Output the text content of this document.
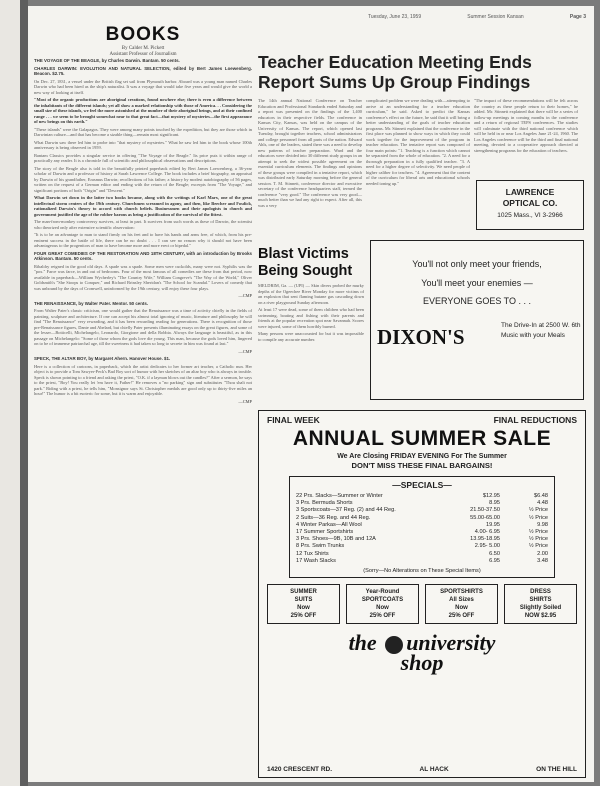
Tuesday, June 23, 1959	Summer Session Kansan	Page 3
BOOKS
By Calder M. Pickett
Assistant Professor of Journalism

THE VOYAGE OF THE BEAGLE, by Charles Darwin. Bantam. 50 cents.

CHARLES DARWIN: EVOLUTION AND NATURAL SELECTION, edited by Bert James Loewenberg. Beacon. $2.75.

On Dec. 27, 1831, a vessel under the British flag set sail from Plymouth harbor. Aboard was a young man named Charles Darwin who had been hired as the ship's naturalist. It was a voyage that would take five years and would give the world a new way of looking at itself.

"Most of the organic productions are aboriginal creations, found nowhere else; there is even a difference between the inhabitants of the different islands; yet all show a marked relationship with those of America. . . Considering the small size of these islands, we feel the more astonished at the number of their aboriginal beings, and at their confined range . . . we seem to be brought somewhat near to that great fact—that mystery of mysteries—the first appearance of new beings on this earth."

"These islands" were the Galapagos. They were among many points touched by the expedition, but they are those which in Darwinian culture—and that has become a sizable thing—remain most significant.

What Darwin saw there led him to probe into "that mystery of mysteries." What he saw led him to the book whose 100th anniversary is being observed in 1959.

Bantam Classics provides a singular service in offering "The Voyage of the Beagle." Its price puts it within range of practically any reader. It is a chronicle full of scientific and philosophical observations and descriptions.

The story of the Beagle also is told in the beautifully printed paperback edited by Bert James Loewenberg, a 36-year scholar of Darwin and a professor of history at Sarah Lawrence College. The book includes a brief biography, an appraisal by Darwin of his grandfather, Erasmus Darwin; recollections of his father; a history by modest autobiography of 56 pages, written on the request of a German editor and ending with the return of the Beagle; excerpts from "The Voyage," and significant portions of both "Origin" and "Descent."

What Darwin set down in the latter two books became, along with the writings of Karl Marx, one of the great intellectual storm centers of the 19th century. Churchmen screamed in agony, and then, like Beecher and Fosdick, rationalized Darwin's theory to accord with church beliefs. Businessmen and their apologists in church and government justified the age of the robber barons as being a justification of the survival of the fittest.

The man-from-monkey controversy survives, at least in part. It survives from such words as these of Darwin, the scientist who theorized only after extensive scientific observation:

"It is to be an advantage to man to stand firmly on his feet and to have his hands and arms free, of which, from his pre-eminent success in the battle of life, there can be no doubt . . . I can see no reason why it should not have been advantageous to the progenitors of man to have become more and more erect or bipedal."

FOUR GREAT COMEDIES OF THE RESTORATION AND 18TH CENTURY, with an introduction by Brooks Atkinson. Bantam. 50 cents.

Ribaldry reigned in the good old days. A spade was a spade. Some men were cuckolds, many were not. Syphilis was the "pox." Farce was farce, in and out of bedrooms. Four of the most famous of all comedies are these from that period, now available in paperback—William Wycherley's "The Country Wife," William Congreve's "The Way of the World," Oliver Goldsmith's "She Stoops to Conquer," and Richard Brinsley Sheridan's "The School for Scandal." Lovers of comedy that was unbound by the days of Cromwell, uninformed by the 19th century, will enjoy these four plays.

—CMP

THE RENAISSANCE, by Walter Pater. Mentor. 50 cents.

From Walter Pater's classic criticism, one would gather that the Renaissance was a time of activity chiefly in the fields of painting, sculpture and architecture. If one can accept his almost total ignoring of music, literature and philosophy he will find "The Renaissance" very rewarding, and it has been rewarding reading for generations. There is recognition of those pre-Renaissance figures, Dante and Abelard, but chiefly Pater presents illuminating essays on the great figures, and some of the lesser—Botticelli, Michelangelo, Leonardo, Giorgione and della Robbia. Always the language is beautiful, as in this passage on Michelangelo: "Some of those whom the gods love die young. This man, because the gods loved him, lingered on to be of immense patriarchal age, till the sweetness it had taken so long to secrete in him was found at last."

—CMP

SPECK, THE ALTAR BOY, by Margaret Ahern. Hanover House. $1.

Here is a collection of cartoons, in paperback, which the artist dedicates to her former art teacher, a Catholic nun. Her object is to provide a Tom Sawyer-Peck's Bad Boy sort of humor with her sketches of an altar boy who is always in trouble. Speck is shown pointing to a friend and asking the priest, "O.K. if a layman blows out the candles?" After a sermon, he says to the priest, "Boy! You really let 'em have it, Father!" He removes a "no parking" sign and substitutes "Thou shalt not park." Riding with a priest, he tells him, "Monsignor says St. Christopher medals are good only up to thirty-five miles an hour!" The humor is a bit esoteric for some, but it is warm and enjoyable.

—CMP

Teacher Education Meeting Ends Report Sums Up Group Findings

The 14th annual National Conference on Teacher Education and Professional Standards ended Saturday and a report was presented on the findings of the 1,400 educators in their respective fields. The conference in Kansas City, Kansas, was held on the campus of the University of Kansas. The report, which opened last Tuesday, brought together teachers, school administrators and college personnel from all parts of the nation. Edward Ahls, one of the leaders, stated there was a need to develop new patterns of teacher preparation. Ward and the educators were divided into 30 different study groups in an attempt to seek the widest possible agreement on the essential curriculum elements. The findings and opinions of these groups were compiled in a tentative report, which was distributed early Saturday morning before the general session. T. M. Stinnett, conference director and executive secretary of the conference headquarters staff, termed the conference "very good." The conference was very good—much better than we had any right to expect. After all, this was a very

complicated problem we were dealing with—attempting to arrive at an understanding for a teacher education curriculum," he said. Asked to predict the Kansas conference's effect on the future, he said that it will bring a better understanding of the goals of teacher education programs. Mr. Stinnett explained that the conference in the first place was planned to show ways in which they could work together for the improvement of the program in teacher education. The tentative report was composed of four main points: "1. Teaching is a function which cannot be separated from the whole of education. "2. A need for a thorough preparation in a fully qualified teacher. "3. A need for a higher degree of selectivity. We need people of higher caliber for teachers. "4. Agreement that the content of the curriculum for liberal arts and educational schools needed toning up."

"The impact of these recommendations will be felt across the country as these people return to their homes," he added. Mr. Stinnett explained that there will be a series of follow-up meetings in coming months in the conference and a return of regional TEPS conferences. The studies will culminate with the third national conference which will be held in or near Los Angeles June 21-24, 1960. The Los Angeles conference will be the third and final national meeting, devoted to a cooperative approach directed at strengthening programs for the education of teachers.

LAWRENCE
OPTICAL CO.
1025 Mass., VI 3-2966
Blast Victims Being Sought

MELDRIM, Ga. — (UPI) — Skin divers probed the murky depths of the Ogeechee River Monday for more victims of an explosion that sent flaming butane gas cascading down on a river playground Sunday afternoon.

At least 17 were dead, some of them children who had been swimming, boating and fishing with their parents and friends at the popular recreation spot near Savannah. Scores were injured, some of them horribly burned.

Many persons were unaccounted for but it was impossible to compile any accurate number.

You'll not only meet your friends,
You'll meet your enemies —
EVERYONE GOES TO . . .
DIXON'S	The Drive-In at 2500 W. 6th Music with your Meals
FINAL WEEK	FINAL REDUCTIONS
ANNUAL SUMMER SALE
We Are Closing FRIDAY EVENING For The Summer
DON'T MISS THESE FINAL BARGAINS!
—SPECIALS—
22 Prs. Slacks—Summer or Winter	$12.95	$6.48
3 Prs. Bermuda Shorts	8.95	4.48
3 Sportscoats—37 Reg. (2) and 44 Reg.	21.50-37.50	½ Price
2 Suits—36 Reg. and 44 Reg.	55.00-65.00	½ Price
4 Winter Parkas—All Wool	19.95	9.98
17 Summer Sportshirts	4.00- 6.95	½ Price
3 Prs. Shoes—9B, 10B and 12A	13.95-18.95	½ Price
8 Prs. Swim Trunks	2.95- 5.00	½ Price
12 Tux Shirts	6.50	2.00
17 Wash Slacks	6.95	3.48
(Sorry—No Alterations on These Special Items)
SUMMER
SUITS
Now
25% OFF
Year-Round
SPORTCOATS
Now
25% OFF
SPORTSHIRTS
All Sizes
Now
25% OFF
DRESS
SHIRTS
Slightly Soiled
NOW $2.95
the university
shop
1420 CRESCENT RD.	AL HACK	ON THE HILL
